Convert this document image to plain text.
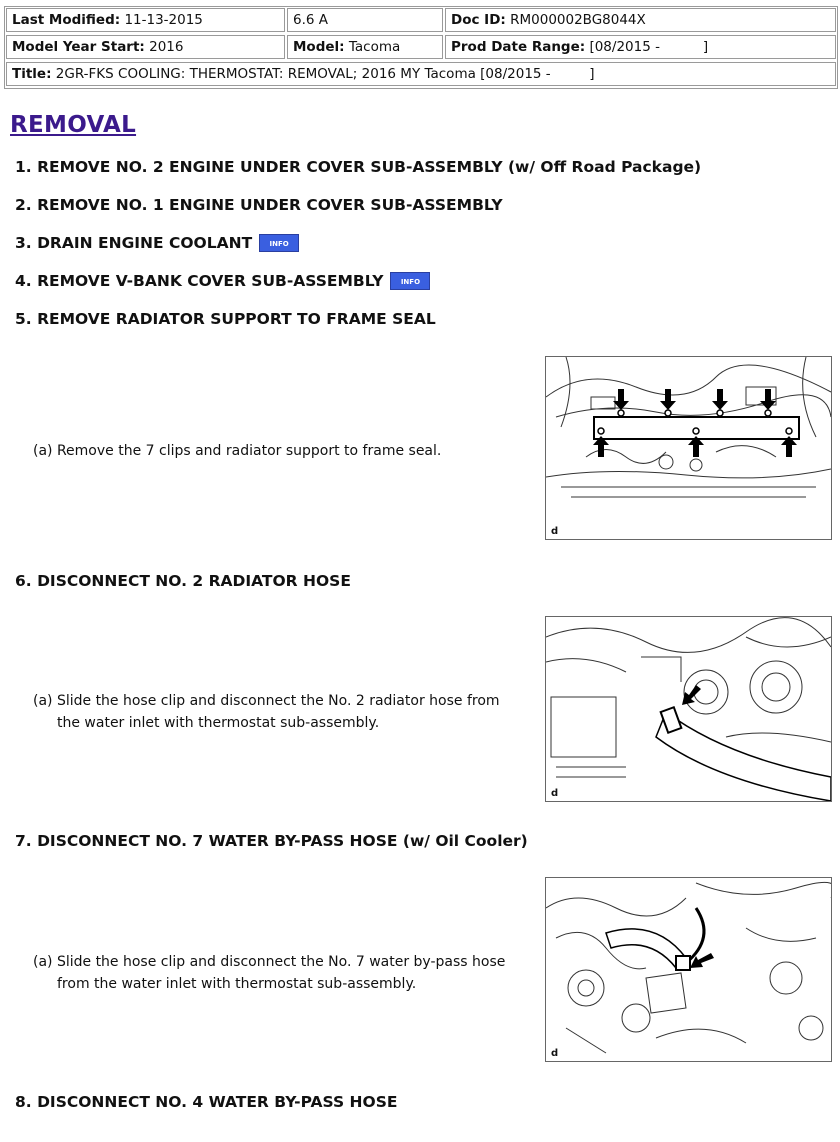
Last Modified: 11-13-2015	6.6 A	Doc ID: RM000002BG8044X
Model Year Start: 2016	Model: Tacoma	Prod Date Range: [08/2015 -          ]
Title: 2GR-FKS COOLING: THERMOSTAT: REMOVAL; 2016 MY Tacoma [08/2015 -         ]
REMOVAL

1. REMOVE NO. 2 ENGINE UNDER COVER SUB-ASSEMBLY (w/ Off Road Package)

2. REMOVE NO. 1 ENGINE UNDER COVER SUB-ASSEMBLY

3. DRAIN ENGINE COOLANT	INFO

4. REMOVE V-BANK COVER SUB-ASSEMBLY	INFO

5. REMOVE RADIATOR SUPPORT TO FRAME SEAL

(a) Remove the 7 clips and radiator support to frame seal.

d

6. DISCONNECT NO. 2 RADIATOR HOSE

(a) Slide the hose clip and disconnect the No. 2 radiator hose from
the water inlet with thermostat sub-assembly.

d

7. DISCONNECT NO. 7 WATER BY-PASS HOSE (w/ Oil Cooler)

(a) Slide the hose clip and disconnect the No. 7 water by-pass hose
from the water inlet with thermostat sub-assembly.

d

8. DISCONNECT NO. 4 WATER BY-PASS HOSE
